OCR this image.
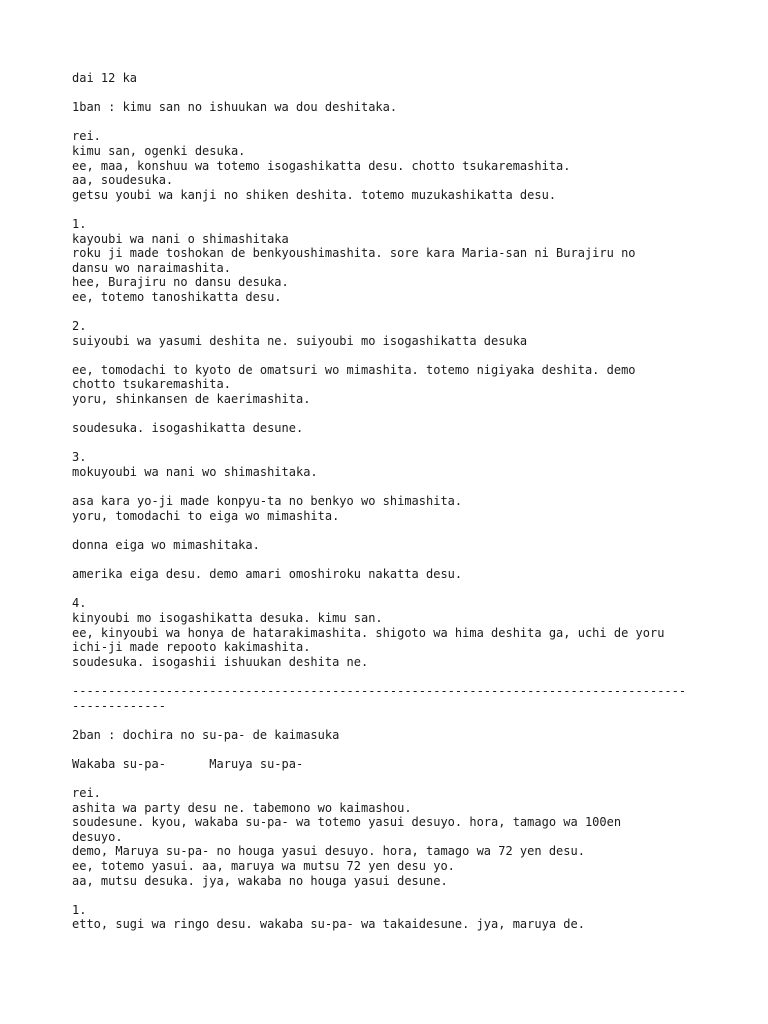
dai 12 ka
1ban : kimu san no ishuukan wa dou deshitaka.
rei.
kimu san, ogenki desuka.
ee, maa, konshuu wa totemo isogashikatta desu. chotto tsukaremashita.
aa, soudesuka.
getsu youbi wa kanji no shiken deshita. totemo muzukashikatta desu.
1.
kayoubi wa nani o shimashitaka
roku ji made toshokan de benkyoushimashita. sore kara Maria-san ni Burajiru no
dansu wo naraimashita.
hee, Burajiru no dansu desuka.
ee, totemo tanoshikatta desu.
2.
suiyoubi wa yasumi deshita ne. suiyoubi mo isogashikatta desuka
ee, tomodachi to kyoto de omatsuri wo mimashita. totemo nigiyaka deshita. demo
chotto tsukaremashita.
yoru, shinkansen de kaerimashita.
soudesuka. isogashikatta desune.
3.
mokuyoubi wa nani wo shimashitaka.
asa kara yo-ji made konpyu-ta no benkyo wo shimashita.
yoru, tomodachi to eiga wo mimashita.
donna eiga wo mimashitaka.
amerika eiga desu. demo amari omoshiroku nakatta desu.
4.
kinyoubi mo isogashikatta desuka. kimu san.
ee, kinyoubi wa honya de hatarakimashita. shigoto wa hima deshita ga, uchi de yoru
ichi-ji made repooto kakimashita.
soudesuka. isogashii ishuukan deshita ne.
-------------------------------------------------------------------------------------
-------------
2ban : dochira no su-pa- de kaimasuka
Wakaba su-pa-      Maruya su-pa-
rei.
ashita wa party desu ne. tabemono wo kaimashou.
soudesune. kyou, wakaba su-pa- wa totemo yasui desuyo. hora, tamago wa 100en
desuyo.
demo, Maruya su-pa- no houga yasui desuyo. hora, tamago wa 72 yen desu.
ee, totemo yasui. aa, maruya wa mutsu 72 yen desu yo.
aa, mutsu desuka. jya, wakaba no houga yasui desune.
1.
etto, sugi wa ringo desu. wakaba su-pa- wa takaidesune. jya, maruya de.
